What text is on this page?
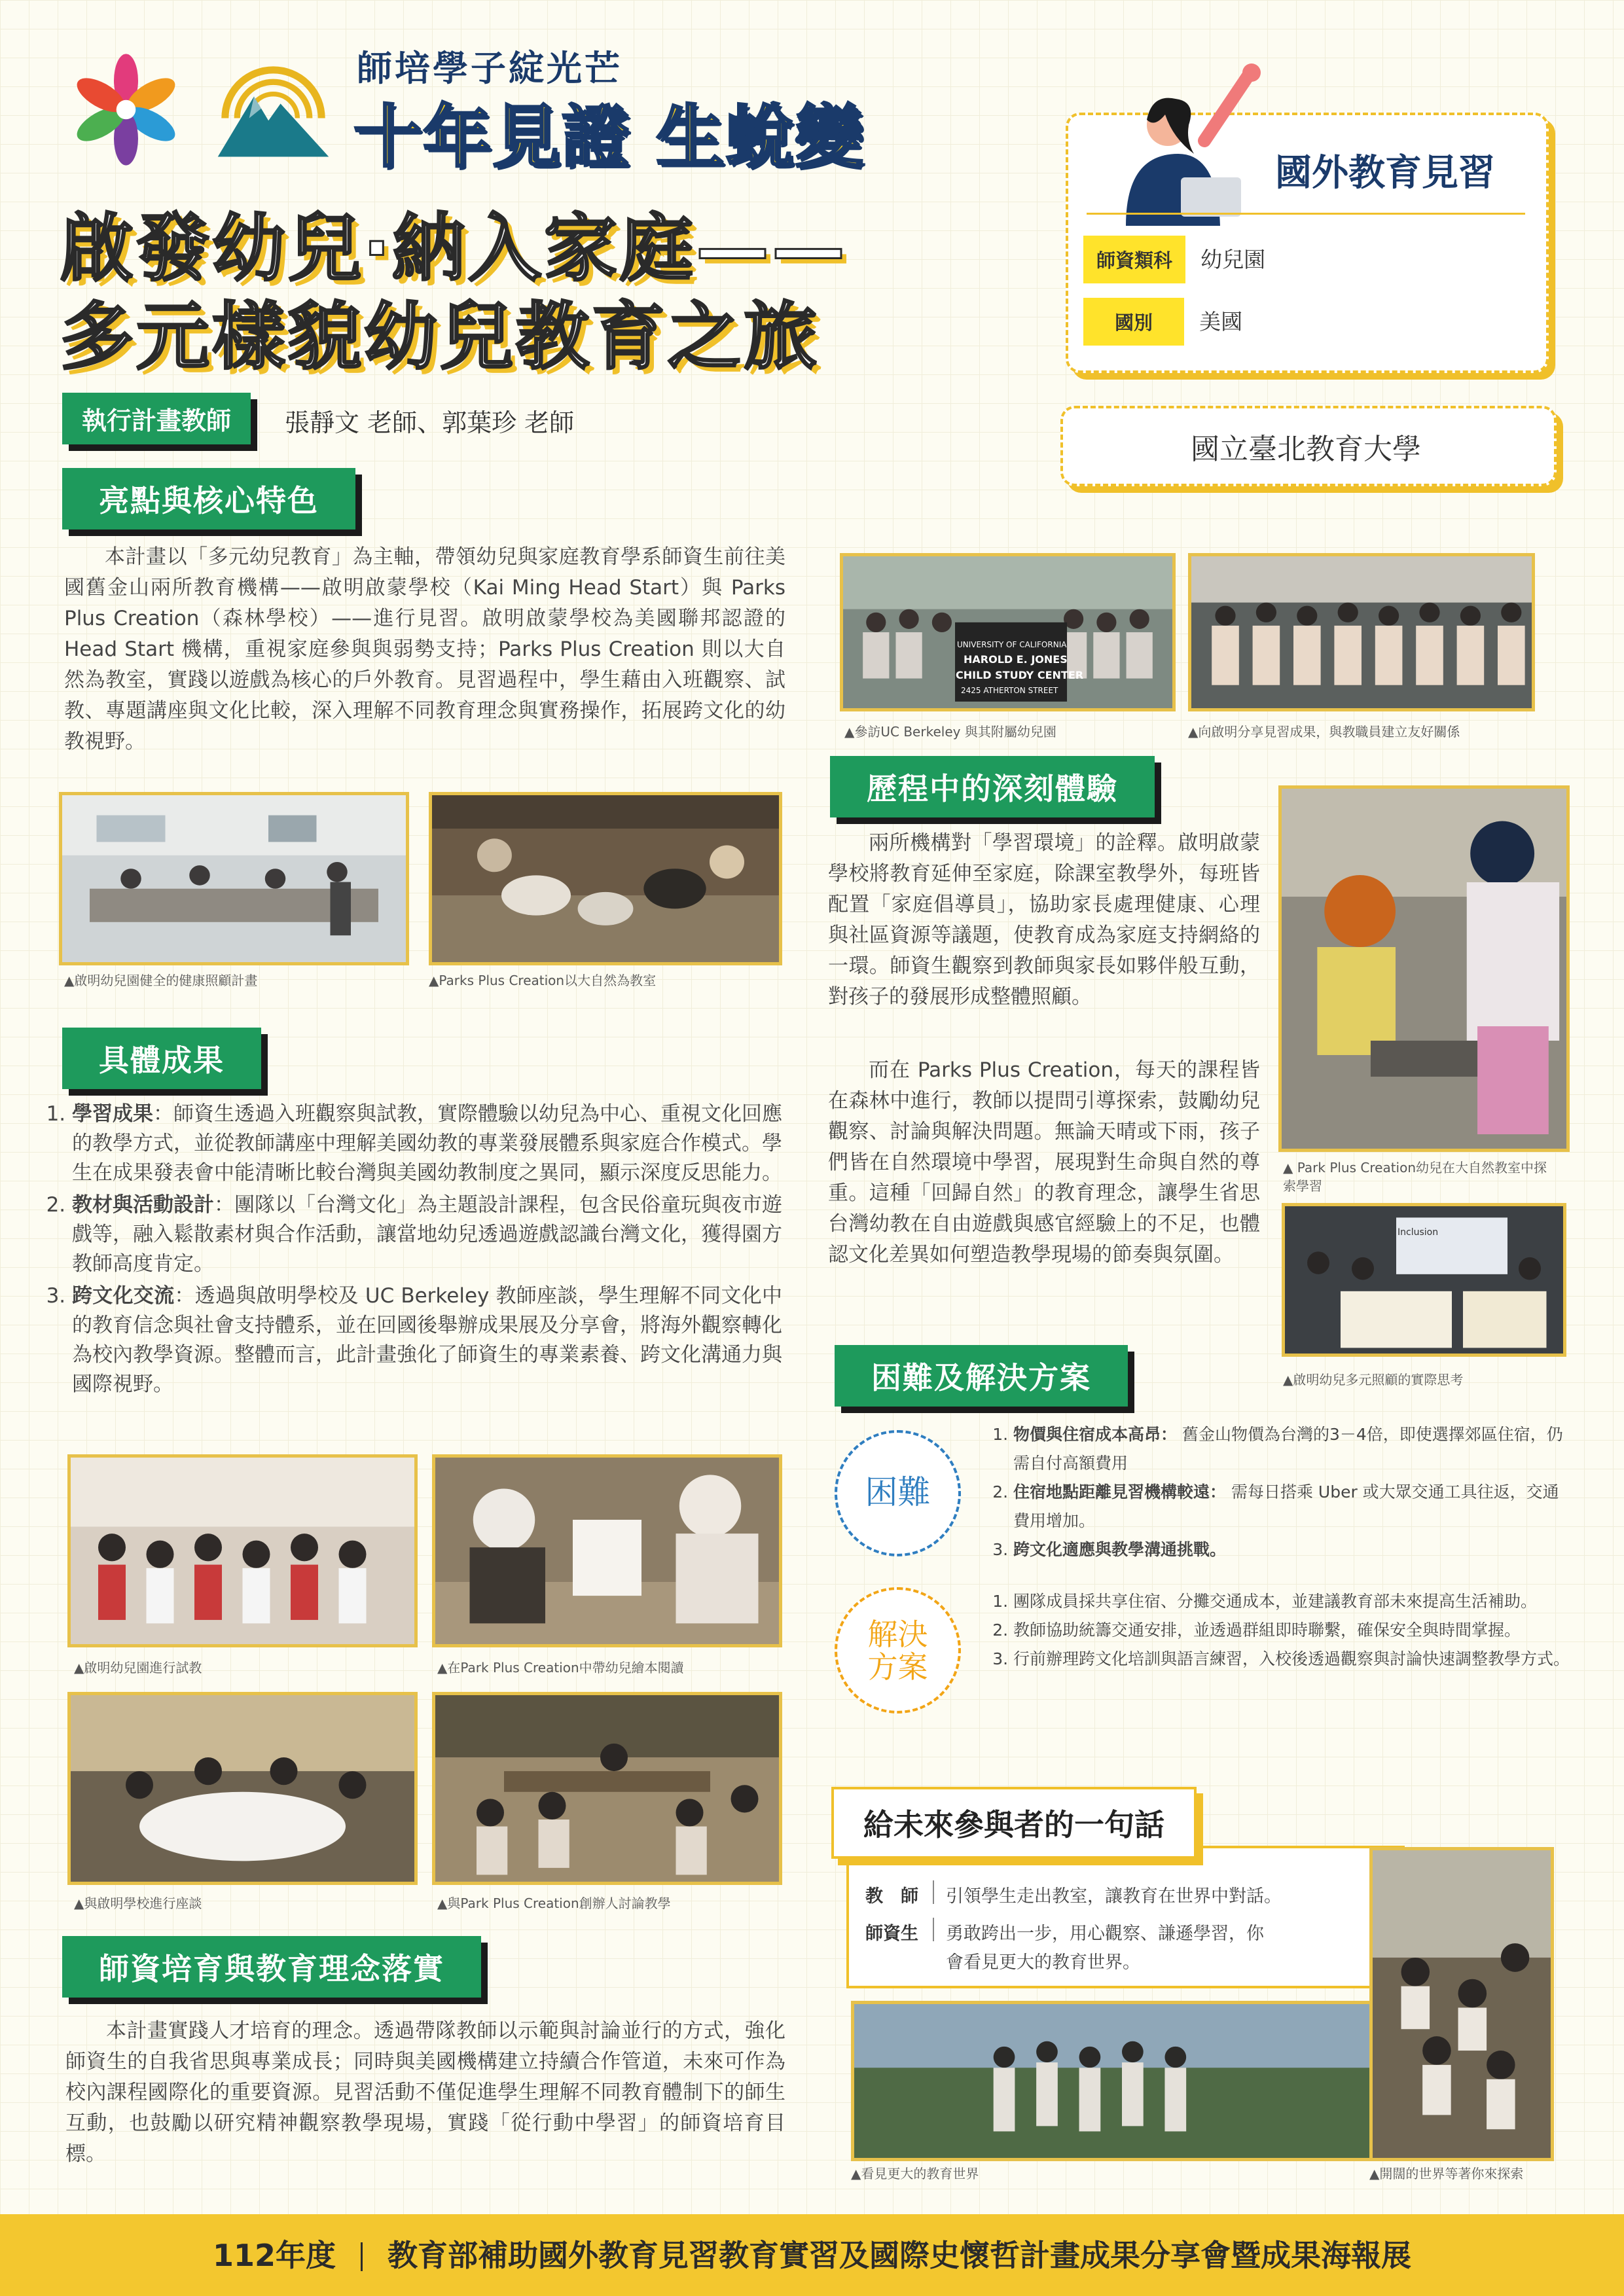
師培學子綻光芒
十年見證 生蛻變
啟發幼兒‧納入家庭——
多元樣貌幼兒教育之旅
執行計畫教師	張靜文 老師、郭葉珍 老師
國外教育見習
師資類科 幼兒園
國別 美國
國立臺北教育大學
亮點與核心特色
本計畫以「多元幼兒教育」為主軸，帶領幼兒與家庭教育學系師資生前往美國舊金山兩所教育機構——啟明啟蒙學校（Kai Ming Head Start）與 Parks Plus Creation（森林學校）——進行見習。啟明啟蒙學校為美國聯邦認證的 Head Start 機構，重視家庭參與與弱勢支持；Parks Plus Creation 則以大自然為教室，實踐以遊戲為核心的戶外教育。見習過程中，學生藉由入班觀察、試教、專題講座與文化比較，深入理解不同教育理念與實務操作，拓展跨文化的幼教視野。
▲啟明幼兒園健全的健康照顧計畫	▲Parks Plus Creation以大自然為教室
UNIVERSITY OF CALIFORNIA
HAROLD E. JONES
CHILD STUDY CENTER
2425 ATHERTON STREET
▲參訪UC Berkeley 與其附屬幼兒園	▲向啟明分享見習成果，與教職員建立友好關係
歷程中的深刻體驗
兩所機構對「學習環境」的詮釋。啟明啟蒙學校將教育延伸至家庭，除課室教學外，每班皆配置「家庭倡導員」，協助家長處理健康、心理與社區資源等議題，使教育成為家庭支持網絡的一環。師資生觀察到教師與家長如夥伴般互動，對孩子的發展形成整體照顧。
而在 Parks Plus Creation，每天的課程皆在森林中進行，教師以提問引導探索，鼓勵幼兒觀察、討論與解決問題。無論天晴或下雨，孩子們皆在自然環境中學習，展現對生命與自然的尊重。這種「回歸自然」的教育理念，讓學生省思台灣幼教在自由遊戲與感官經驗上的不足，也體認文化差異如何塑造教學現場的節奏與氛圍。
▲ Park Plus Creation幼兒在大自然教室中探索學習
Inclusion
▲啟明幼兒多元照顧的實際思考
具體成果
1. 學習成果：師資生透過入班觀察與試教，實際體驗以幼兒為中心、重視文化回應的教學方式，並從教師講座中理解美國幼教的專業發展體系與家庭合作模式。學生在成果發表會中能清晰比較台灣與美國幼教制度之異同，顯示深度反思能力。
2. 教材與活動設計：團隊以「台灣文化」為主題設計課程，包含民俗童玩與夜市遊戲等，融入鬆散素材與合作活動，讓當地幼兒透過遊戲認識台灣文化，獲得園方教師高度肯定。
3. 跨文化交流：透過與啟明學校及 UC Berkeley 教師座談，學生理解不同文化中的教育信念與社會支持體系，並在回國後舉辦成果展及分享會，將海外觀察轉化為校內教學資源。整體而言，此計畫強化了師資生的專業素養、跨文化溝通力與國際視野。
▲啟明幼兒園進行試教	▲在Park Plus Creation中帶幼兒繪本閱讀
▲與啟明學校進行座談	▲與Park Plus Creation創辦人討論教學
師資培育與教育理念落實
本計畫實踐人才培育的理念。透過帶隊教師以示範與討論並行的方式，強化師資生的自我省思與專業成長；同時與美國機構建立持續合作管道，未來可作為校內課程國際化的重要資源。見習活動不僅促進學生理解不同教育體制下的師生互動，也鼓勵以研究精神觀察教學現場，實踐「從行動中學習」的師資培育目標。
困難及解決方案
困難
1. 物價與住宿成本高昂： 舊金山物價為台灣的3－4倍，即使選擇郊區住宿，仍需自付高額費用
2. 住宿地點距離見習機構較遠： 需每日搭乘 Uber 或大眾交通工具往返，交通費用增加。
3. 跨文化適應與教學溝通挑戰。
解決
方案
1. 團隊成員採共享住宿、分攤交通成本，並建議教育部未來提高生活補助。
2. 教師協助統籌交通安排，並透過群組即時聯繫，確保安全與時間掌握。
3. 行前辦理跨文化培訓與語言練習，入校後透過觀察與討論快速調整教學方式。
給未來參與者的一句話
教　師 引領學生走出教室，讓教育在世界中對話。
師資生 勇敢跨出一步，用心觀察、謙遜學習，你
會看見更大的教育世界。
▲看見更大的教育世界	▲開闊的世界等著你來探索
112年度 教育部補助國外教育見習教育實習及國際史懷哲計畫成果分享會暨成果海報展
